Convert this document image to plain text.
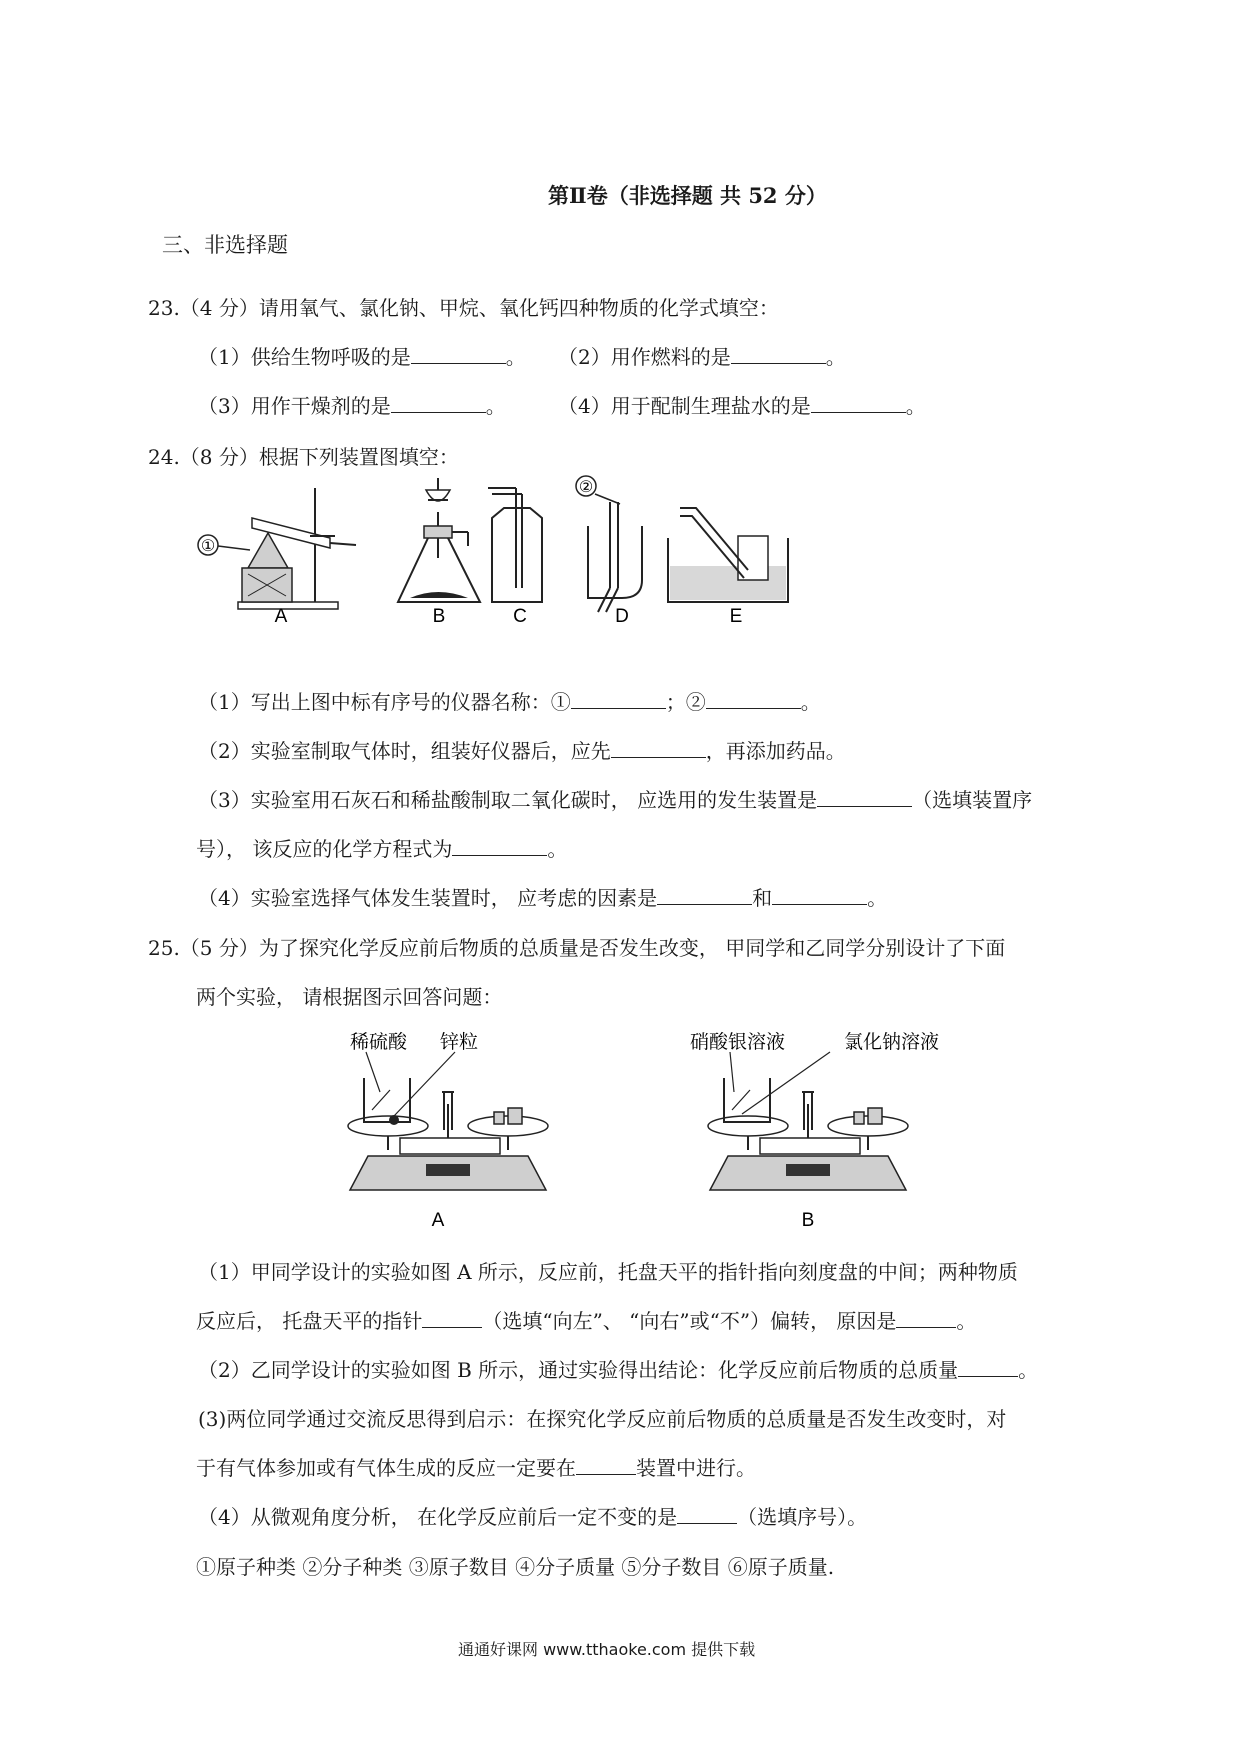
第Ⅱ卷（非选择题 共 52 分）
三、非选择题
23.（4 分）请用氧气、氯化钠、甲烷、氧化钙四种物质的化学式填空：
（1）供给生物呼吸的是	。 （2）用作燃料的是	。
（3）用作干燥剂的是	。	（4）用于配制生理盐水的是	。
24.（8 分）根据下列装置图填空：
①
②
A	B	C	D	E
（1）写出上图中标有序号的仪器名称：①	；②	。
（2）实验室制取气体时，组装好仪器后，应先	，再添加药品。
（3）实验室用石灰石和稀盐酸制取二氧化碳时， 应选用的发生装置是	（选填装置序
号）， 该反应的化学方程式为	。
（4）实验室选择气体发生装置时， 应考虑的因素是	和	。
25.（5 分）为了探究化学反应前后物质的总质量是否发生改变， 甲同学和乙同学分别设计了下面
两个实验， 请根据图示回答问题：
稀硫酸 锌粒
A
硝酸银溶液	氯化钠溶液
B
（1）甲同学设计的实验如图 A 所示，反应前，托盘天平的指针指向刻度盘的中间；两种物质
反应后， 托盘天平的指针	（选填“向左”、 “向右”或“不”）偏转， 原因是	。
（2）乙同学设计的实验如图 B 所示，通过实验得出结论：化学反应前后物质的总质量	。
(3)两位同学通过交流反思得到启示：在探究化学反应前后物质的总质量是否发生改变时，对
于有气体参加或有气体生成的反应一定要在	装置中进行。
（4）从微观角度分析， 在化学反应前后一定不变的是	（选填序号）。
①原子种类 ②分子种类 ③原子数目 ④分子质量 ⑤分子数目 ⑥原子质量.
通通好课网 www.tthaoke.com 提供下载
